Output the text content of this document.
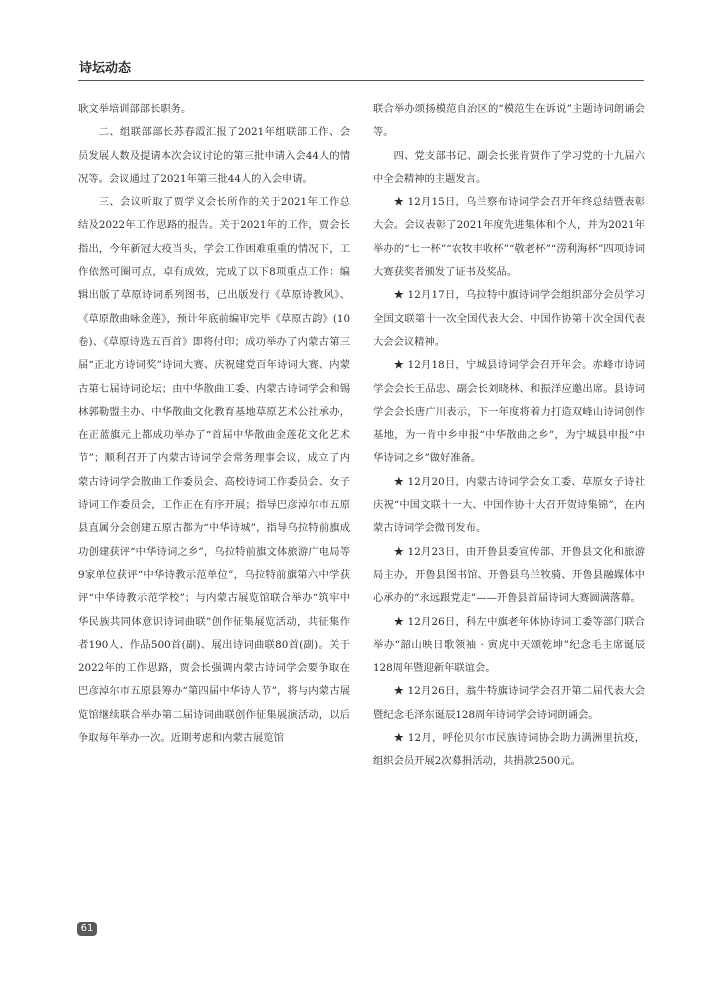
诗坛动态

耿文举培训部部长职务。

二、组联部部长苏春霞汇报了2021年组联部工作、会员发展人数及提请本次会议讨论的第三批申请入会44人的情况等。会议通过了2021年第三批44人的入会申请。

三、会议听取了贾学义会长所作的关于2021年工作总结及2022年工作思路的报告。关于2021年的工作，贾会长指出，今年新冠大疫当头，学会工作困难重重的情况下，工作依然可圈可点，卓有成效，完成了以下8项重点工作：编辑出版了草原诗词系列图书，已出版发行《草原诗教风》、《草原散曲咏金莲》，预计年底前编审完毕《草原古韵》(10卷)、《草原诗选五百首》即将付印；成功举办了内蒙古第三届“正北方诗词奖”诗词大赛、庆祝建党百年诗词大赛、内蒙古第七届诗词论坛；由中华散曲工委、内蒙古诗词学会和锡林郭勒盟主办、中华散曲文化教育基地草原艺术公社承办，在正蓝旗元上都成功举办了“首届中华散曲金莲花文化艺术节”；顺利召开了内蒙古诗词学会常务理事会议，成立了内蒙古诗词学会散曲工作委员会、高校诗词工作委员会、女子诗词工作委员会，工作正在有序开展；指导巴彦淖尔市五原县直属分会创建五原古都为“中华诗城”，指导乌拉特前旗成功创建获评“中华诗词之乡”，乌拉特前旗文体旅游广电局等9家单位获评“中华诗教示范单位”，乌拉特前旗第六中学获评“中华诗教示范学校”；与内蒙古展览馆联合举办“筑牢中华民族共同体意识诗词曲联”创作征集展览活动，共征集作者190人、作品500首(副)、展出诗词曲联80首(副)。关于2022年的工作思路，贾会长强调内蒙古诗词学会要争取在巴彦淖尔市五原县筹办“第四届中华诗人节”，将与内蒙古展览馆继续联合举办第二届诗词曲联创作征集展演活动，以后争取每年举办一次。近期考虑和内蒙古展览馆

联合举办颂扬模范自治区的“模范生在诉说”主题诗词朗诵会等。

四、党支部书记、副会长张肯贤作了学习党的十九届六中全会精神的主题发言。

★ 12月15日，乌兰察布诗词学会召开年终总结暨表彰大会。会议表彰了2021年度先进集体和个人，并为2021年举办的“七一杯”“农牧丰收杯”“敬老杯”“涝利海杯”四项诗词大赛获奖者颁发了证书及奖品。

★ 12月17日，乌拉特中旗诗词学会组织部分会员学习全国文联第十一次全国代表大会、中国作协第十次全国代表大会会议精神。

★ 12月18日，宁城县诗词学会召开年会。赤峰市诗词学会会长王品忠、副会长刘晓林、和振洋应邀出席。县诗词学会会长唐广川表示，下一年度将着力打造双峰山诗词创作基地，为一肯中乡申报“中华散曲之乡”，为宁城县申报“中华诗词之乡”做好准备。

★ 12月20日，内蒙古诗词学会女工委、草原女子诗社庆祝“中国文联十一大、中国作协十大召开贺诗集锦”，在内蒙古诗词学会微刊发布。

★ 12月23日，由开鲁县委宣传部、开鲁县文化和旅游局主办，开鲁县图书馆、开鲁县乌兰牧骑、开鲁县融媒体中心承办的“永远跟党走”——开鲁县首届诗词大赛圆满落幕。

★ 12月26日，科左中旗老年体协诗词工委等部门联合举办“韶山映日歌领袖 · 寅虎中天颂乾坤”纪念毛主席诞辰128周年暨迎新年联谊会。

★ 12月26日，翁牛特旗诗词学会召开第二届代表大会暨纪念毛泽东诞辰128周年诗词学会诗词朗诵会。

★ 12月，呼伦贝尔市民族诗词协会助力满洲里抗疫，组织会员开展2次募捐活动，共捐款2500元。

61
